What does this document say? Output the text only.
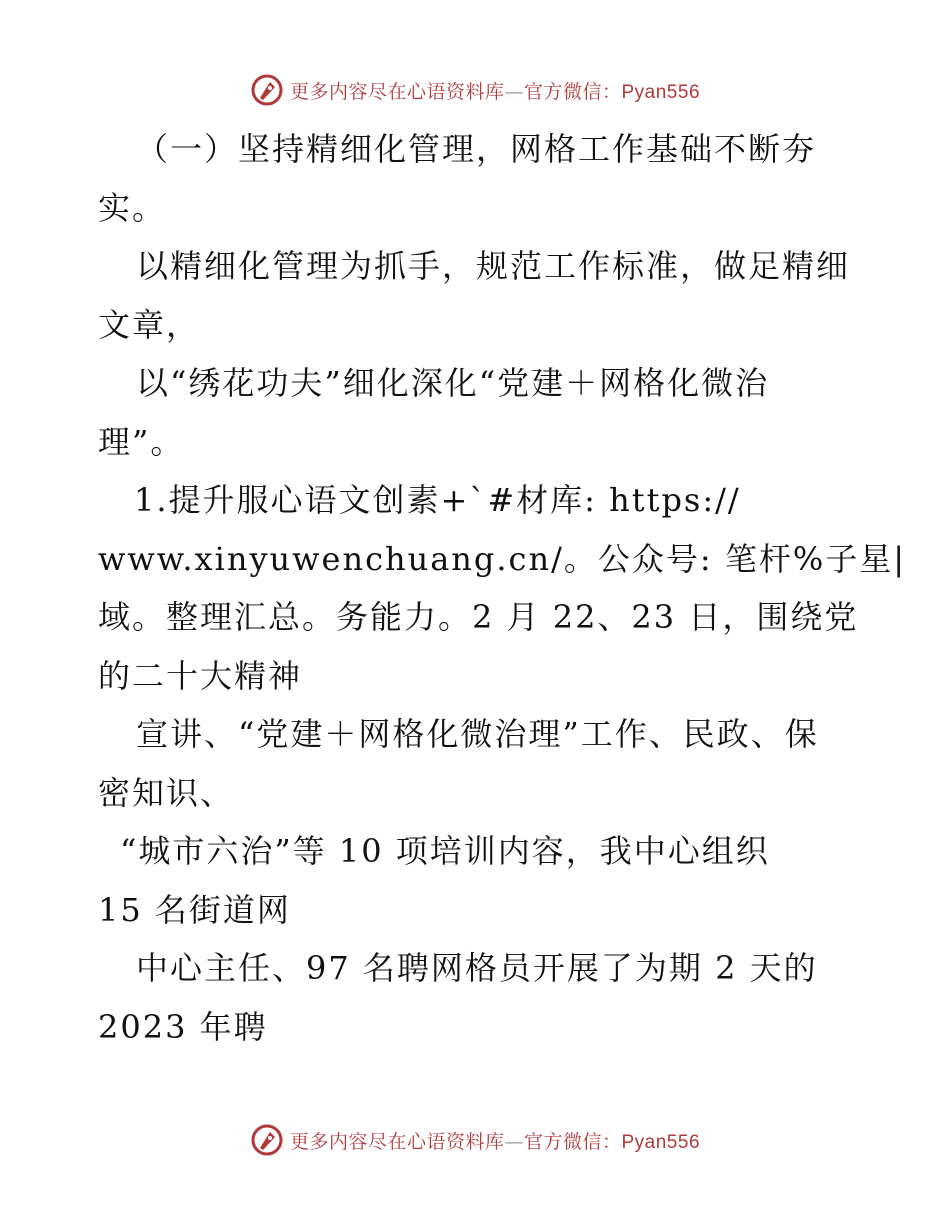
更多内容尽在心语资料库—官方微信：Pyan556
（一）坚持精细化管理，网格工作基础不断夯
实。
以精细化管理为抓手，规范工作标准，做足精细
文章，
以“绣花功夫”细化深化“党建＋网格化微治
理”。
1.提升服心语文创素+`#材库: https://
www.xinyuwenchuang.cn/。公众号: 笔杆%子星|
域。整理汇总。务能力。2 月 22、23 日，围绕党
的二十大精神
宣讲、“党建＋网格化微治理”工作、民政、保
密知识、
“城市六治”等 10 项培训内容，我中心组织
15 名街道网
中心主任、97 名聘网格员开展了为期 2 天的
2023 年聘
更多内容尽在心语资料库—官方微信：Pyan556
